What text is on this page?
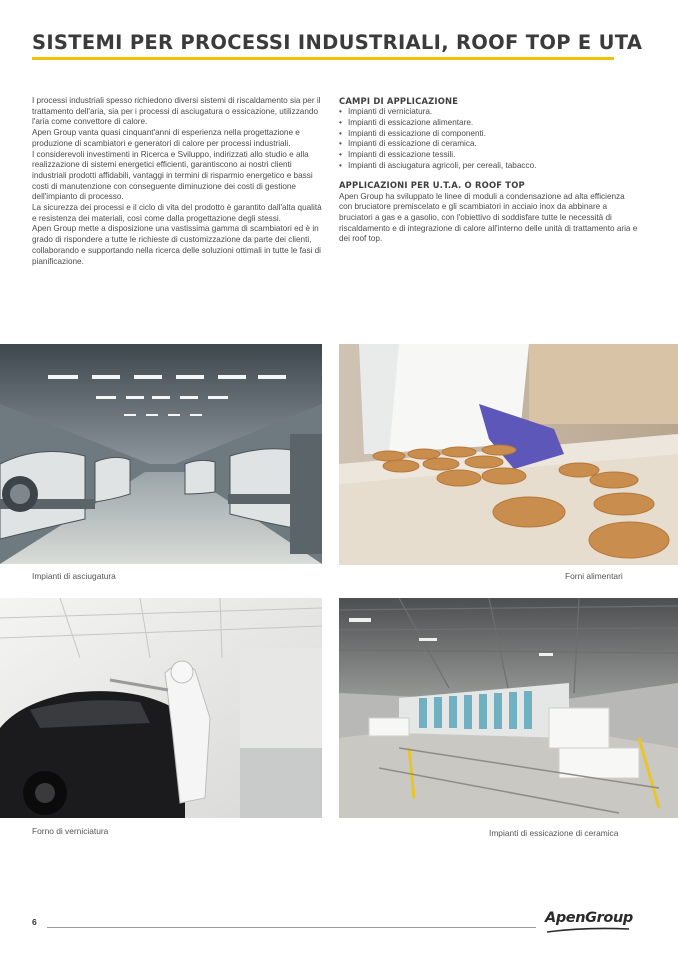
SISTEMI PER PROCESSI INDUSTRIALI, ROOF TOP E UTA

I processi industriali spesso richiedono diversi sistemi di riscaldamento sia per il trattamento dell'aria, sia per i processi di asciugatura o essicazione, utilizzando l'aria come convettore di calore.

Apen Group vanta quasi cinquant'anni di esperienza nella progettazione e produzione di scambiatori e generatori di calore per processi industriali.

I considerevoli investimenti in Ricerca e Sviluppo, indirizzati allo studio e alla realizzazione di sistemi energetici efficienti, garantiscono ai nostri clienti industriali prodotti affidabili, vantaggi in termini di risparmio energetico e bassi costi di manutenzione con conseguente diminuzione dei costi di gestione dell'impianto di processo.

La sicurezza dei processi e il ciclo di vita del prodotto è garantito dall'alta qualità e resistenza dei materiali, così come dalla progettazione degli stessi.

Apen Group mette a disposizione una vastissima gamma di scambiatori ed è in grado di rispondere a tutte le richieste di customizzazione da parte dei clienti, collaborando e supportando nella ricerca delle soluzioni ottimali in tutte le fasi di pianificazione.

CAMPI DI APPLICAZIONE
• Impianti di verniciatura.
• Impianti di essicazione alimentare.
• Impianti di essicazione di componenti.
• Impianti di essicazione di ceramica.
• Impianti di essicazione tessili.
• Impianti di asciugatura agricoli, per cereali, tabacco.
APPLICAZIONI PER U.T.A. O ROOF TOP
Apen Group ha sviluppato le linee di moduli a condensazione ad alta efficienza con bruciatore premiscelato e gli scambiatori in acciaio inox da abbinare a bruciatori a gas e a gasolio, con l'obiettivo di soddisfare tutte le necessità di riscaldamento e di integrazione di calore all'interno delle unità di trattamento aria e dei roof top.
Impianti di asciugatura	Forni alimentari
Forno di verniciatura	Impianti di essicazione di ceramica
6	ApenGroup
